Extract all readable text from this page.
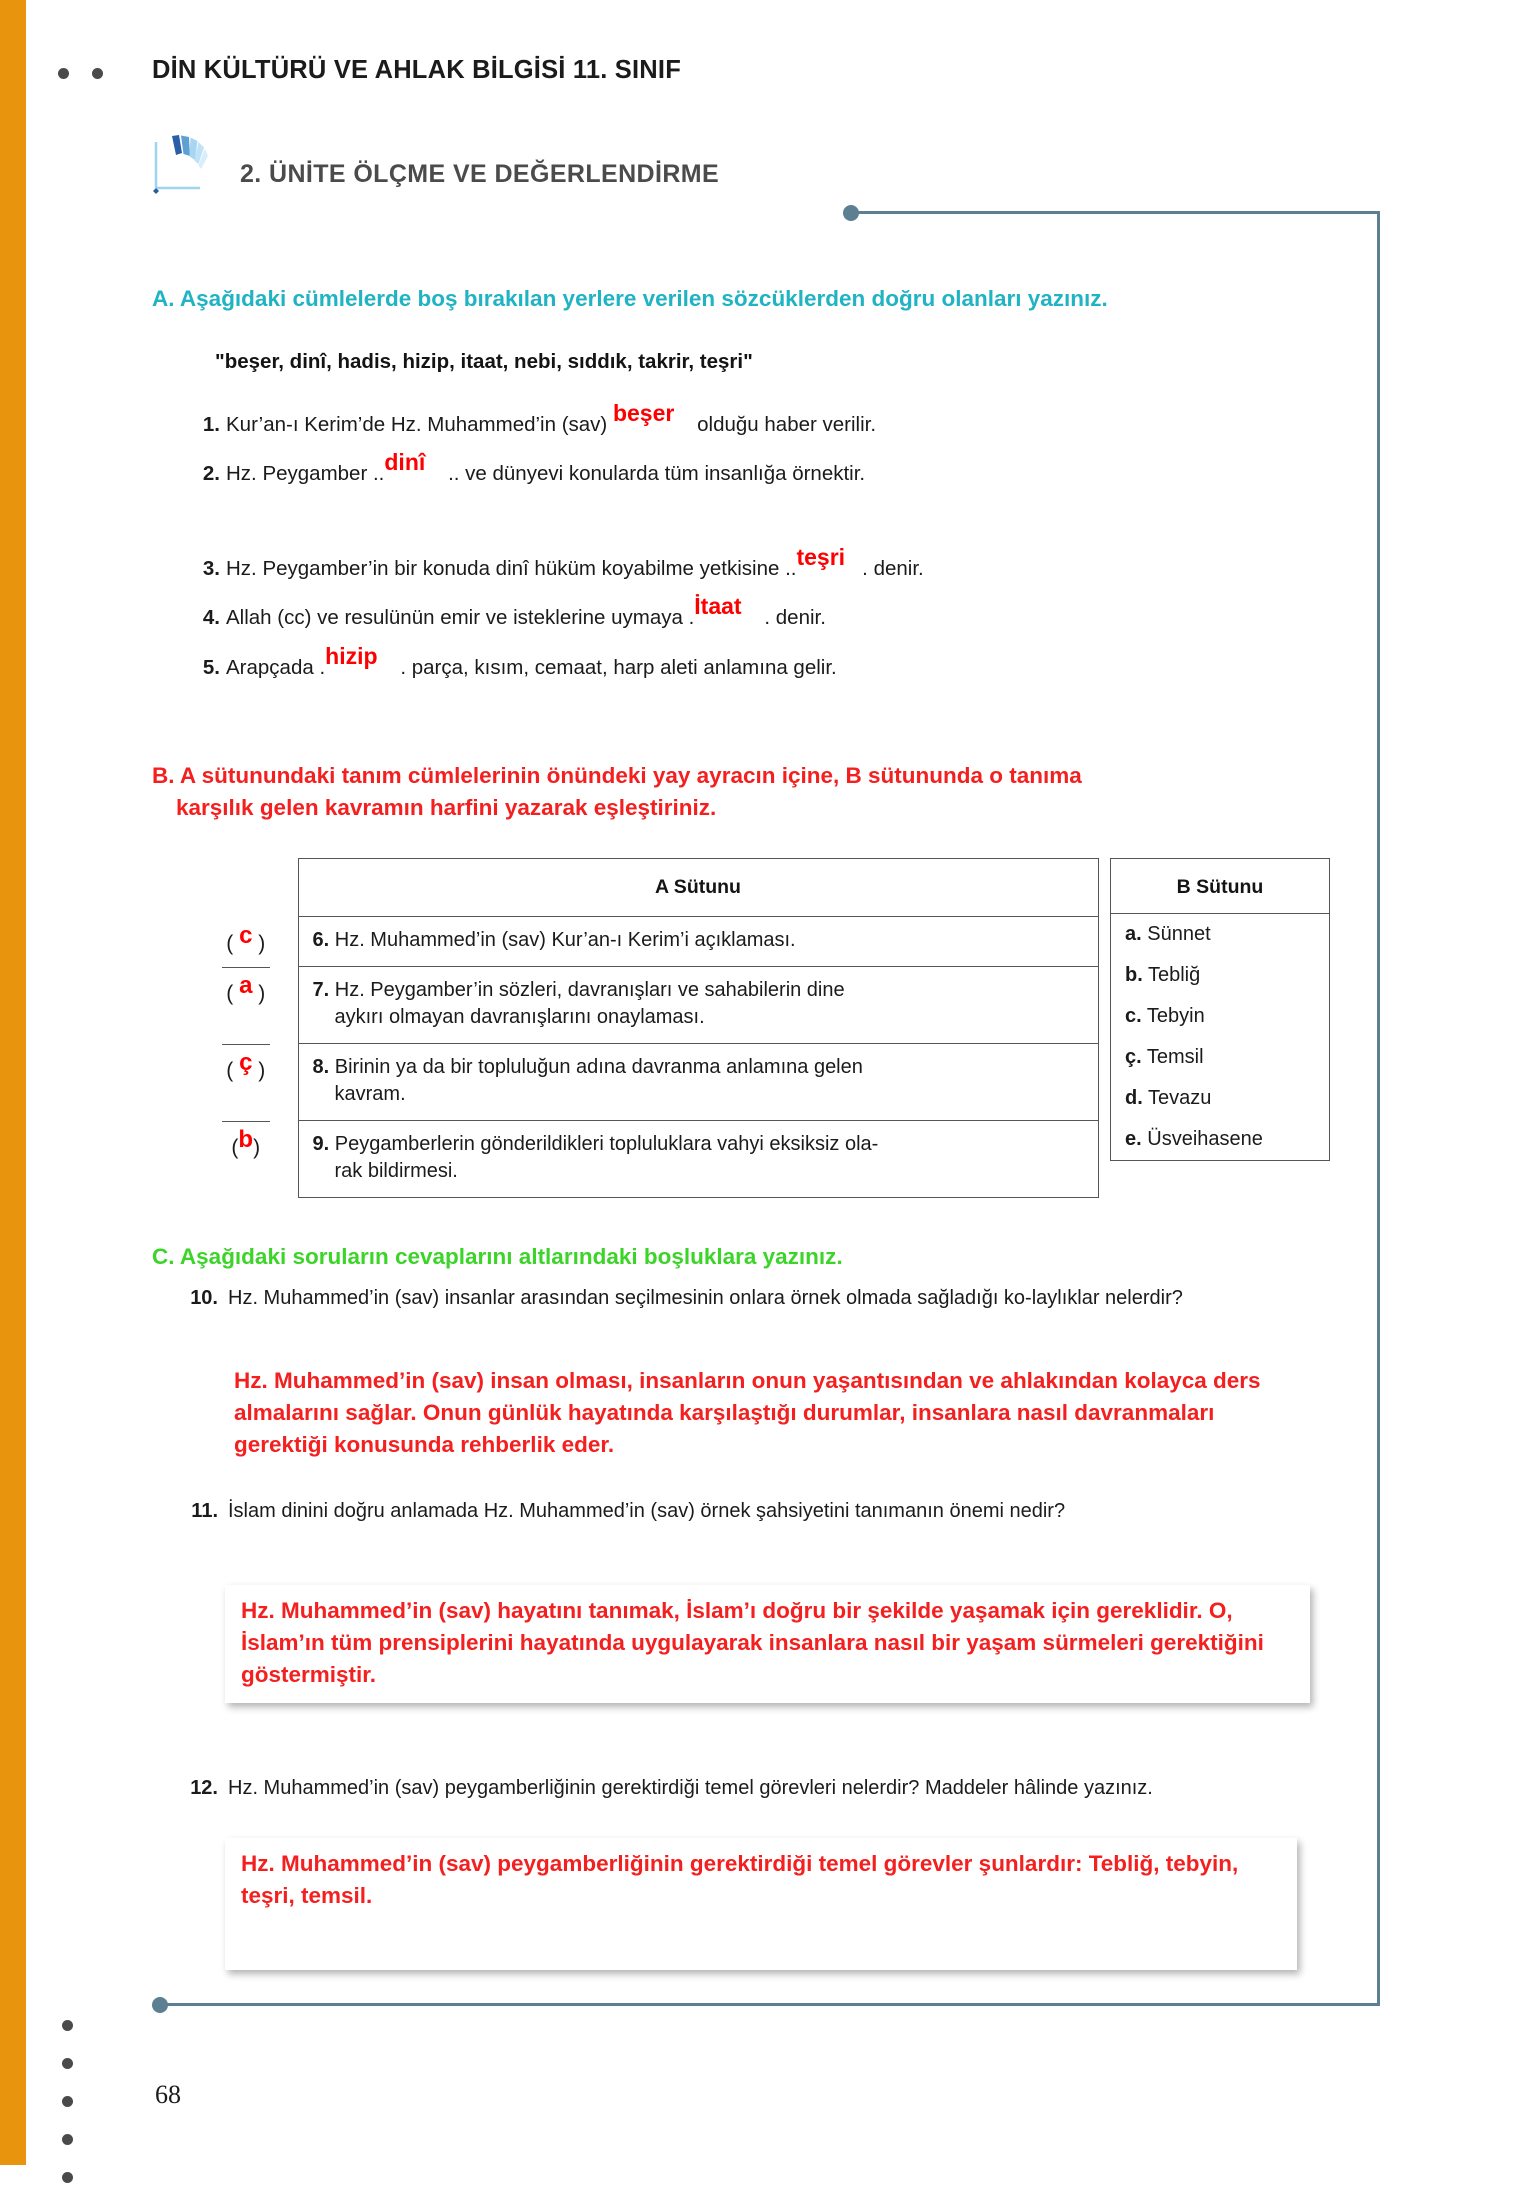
DİN KÜLTÜRÜ VE AHLAK BİLGİSİ 11. SINIF
2. ÜNİTE ÖLÇME VE DEĞERLENDİRME
A. Aşağıdaki cümlelerde boş bırakılan yerlere verilen sözcüklerden doğru olanları yazınız.
"beşer, dinî, hadis, hizip, itaat, nebi, sıddık, takrir, teşri"
1. Kur’an-ı Kerim’de Hz. Muhammed’in (sav) beşer olduğu haber verilir.
2. Hz. Peygamber ..dinî .. ve dünyevi konularda tüm insanlığa örnektir.
3. Hz. Peygamber’in bir konuda dinî hüküm koyabilme yetkisine ..teşri . denir.
4. Allah (cc) ve resulünün emir ve isteklerine uymaya .İtaat . denir.
5. Arapçada .hizip . parça, kısım, cemaat, harp aleti anlamına gelir.
B. A sütunundaki tanım cümlelerinin önündeki yay ayracın içine, B sütununda o tanıma
karşılık gelen kavramın harfini yazarak eşleştiriniz.
	A Sütunu
( c )	6. Hz. Muhammed’in (sav) Kur’an-ı Kerim’i açıklaması.
( a )	7. Hz. Peygamber’in sözleri, davranışları ve sahabilerin dine
aykırı olmayan davranışlarını onaylaması.

( ç )	8. Birinin ya da bir topluluğun adına davranma anlamına gelen
kavram.

(b)	9. Peygamberlerin gönderildikleri topluluklara vahyi eksiksiz ola-
rak bildirmesi.
B Sütunu
a. Sünnet
b. Tebliğ
c. Tebyin
ç. Temsil
d. Tevazu
e. Üsveihasene
C. Aşağıdaki soruların cevaplarını altlarındaki boşluklara yazınız.
10. Hz. Muhammed’in (sav) insanlar arasından seçilmesinin onlara örnek olmada sağladığı ko-laylıklar nelerdir?
Hz. Muhammed’in (sav) insan olması, insanların onun yaşantısından ve ahlakından kolayca ders almalarını sağlar. Onun günlük hayatında karşılaştığı durumlar, insanlara nasıl davranmaları gerektiği konusunda rehberlik eder.
11. İslam dinini doğru anlamada Hz. Muhammed’in (sav) örnek şahsiyetini tanımanın önemi nedir?
Hz. Muhammed’in (sav) hayatını tanımak, İslam’ı doğru bir şekilde yaşamak için gereklidir. O, İslam’ın tüm prensiplerini hayatında uygulayarak insanlara nasıl bir yaşam sürmeleri gerektiğini göstermiştir.
12. Hz. Muhammed’in (sav) peygamberliğinin gerektirdiği temel görevleri nelerdir? Maddeler hâlinde yazınız.
Hz. Muhammed’in (sav) peygamberliğinin gerektirdiği temel görevler şunlardır: Tebliğ, tebyin, teşri, temsil.
68
